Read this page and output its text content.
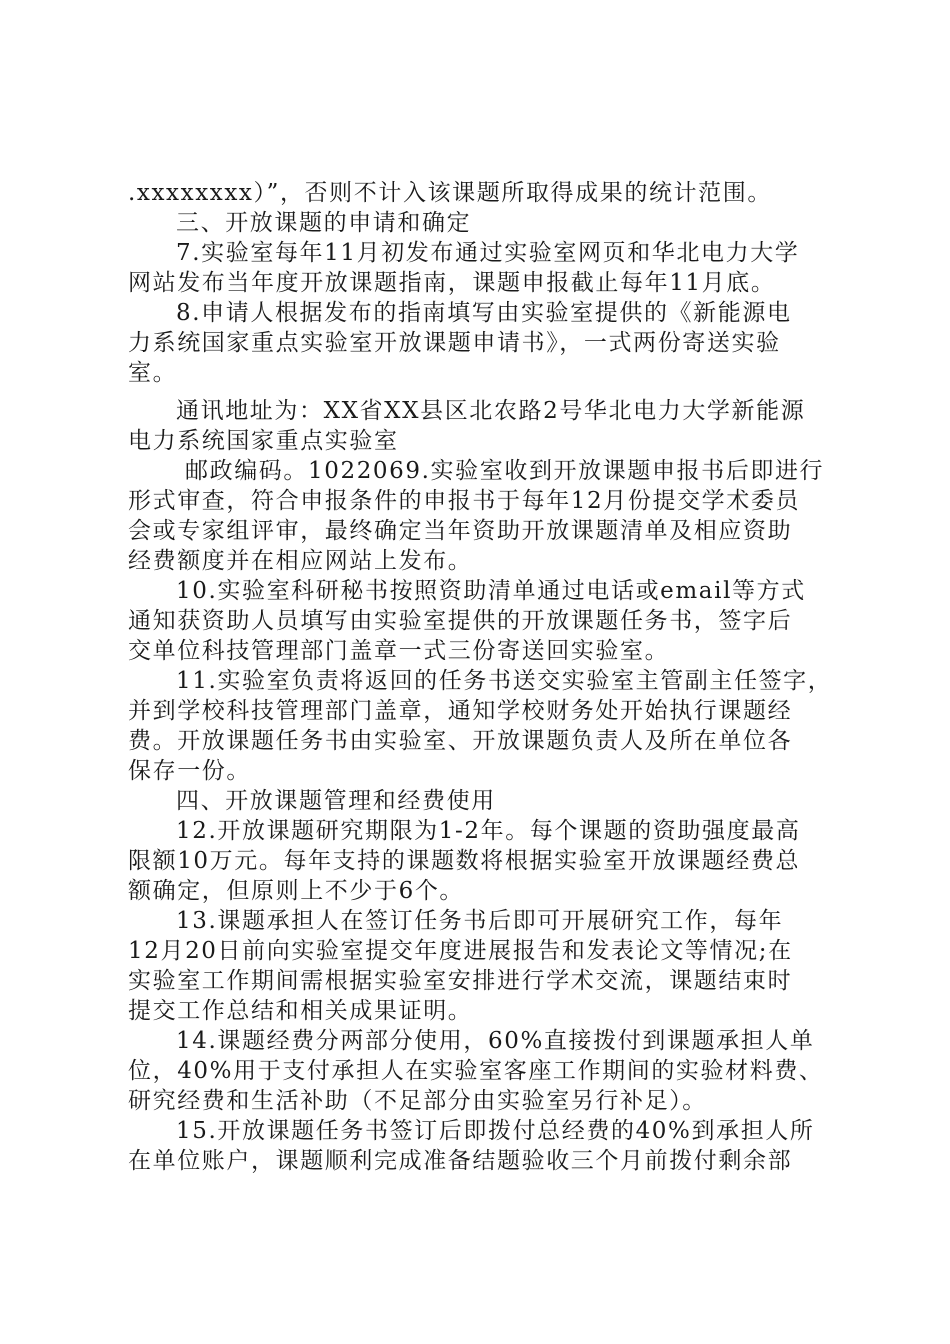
.xxxxxxxx）”，否则不计入该课题所取得成果的统计范围。
三、开放课题的申请和确定
7.实验室每年11月初发布通过实验室网页和华北电力大学
网站发布当年度开放课题指南，课题申报截止每年11月底。
8.申请人根据发布的指南填写由实验室提供的《新能源电
力系统国家重点实验室开放课题申请书》，一式两份寄送实验
室。
通讯地址为：XX省XX县区北农路2号华北电力大学新能源
电力系统国家重点实验室
邮政编码。1022069.实验室收到开放课题申报书后即进行
形式审查，符合申报条件的申报书于每年12月份提交学术委员
会或专家组评审，最终确定当年资助开放课题清单及相应资助
经费额度并在相应网站上发布。
10.实验室科研秘书按照资助清单通过电话或email等方式
通知获资助人员填写由实验室提供的开放课题任务书，签字后
交单位科技管理部门盖章一式三份寄送回实验室。
11.实验室负责将返回的任务书送交实验室主管副主任签字，
并到学校科技管理部门盖章，通知学校财务处开始执行课题经
费。开放课题任务书由实验室、开放课题负责人及所在单位各
保存一份。
四、开放课题管理和经费使用
12.开放课题研究期限为1-2年。每个课题的资助强度最高
限额10万元。每年支持的课题数将根据实验室开放课题经费总
额确定，但原则上不少于6个。
13.课题承担人在签订任务书后即可开展研究工作，每年
12月20日前向实验室提交年度进展报告和发表论文等情况;在
实验室工作期间需根据实验室安排进行学术交流，课题结束时
提交工作总结和相关成果证明。
14.课题经费分两部分使用，60%直接拨付到课题承担人单
位，40%用于支付承担人在实验室客座工作期间的实验材料费、
研究经费和生活补助（不足部分由实验室另行补足）。
15.开放课题任务书签订后即拨付总经费的40%到承担人所
在单位账户，课题顺利完成准备结题验收三个月前拨付剩余部
